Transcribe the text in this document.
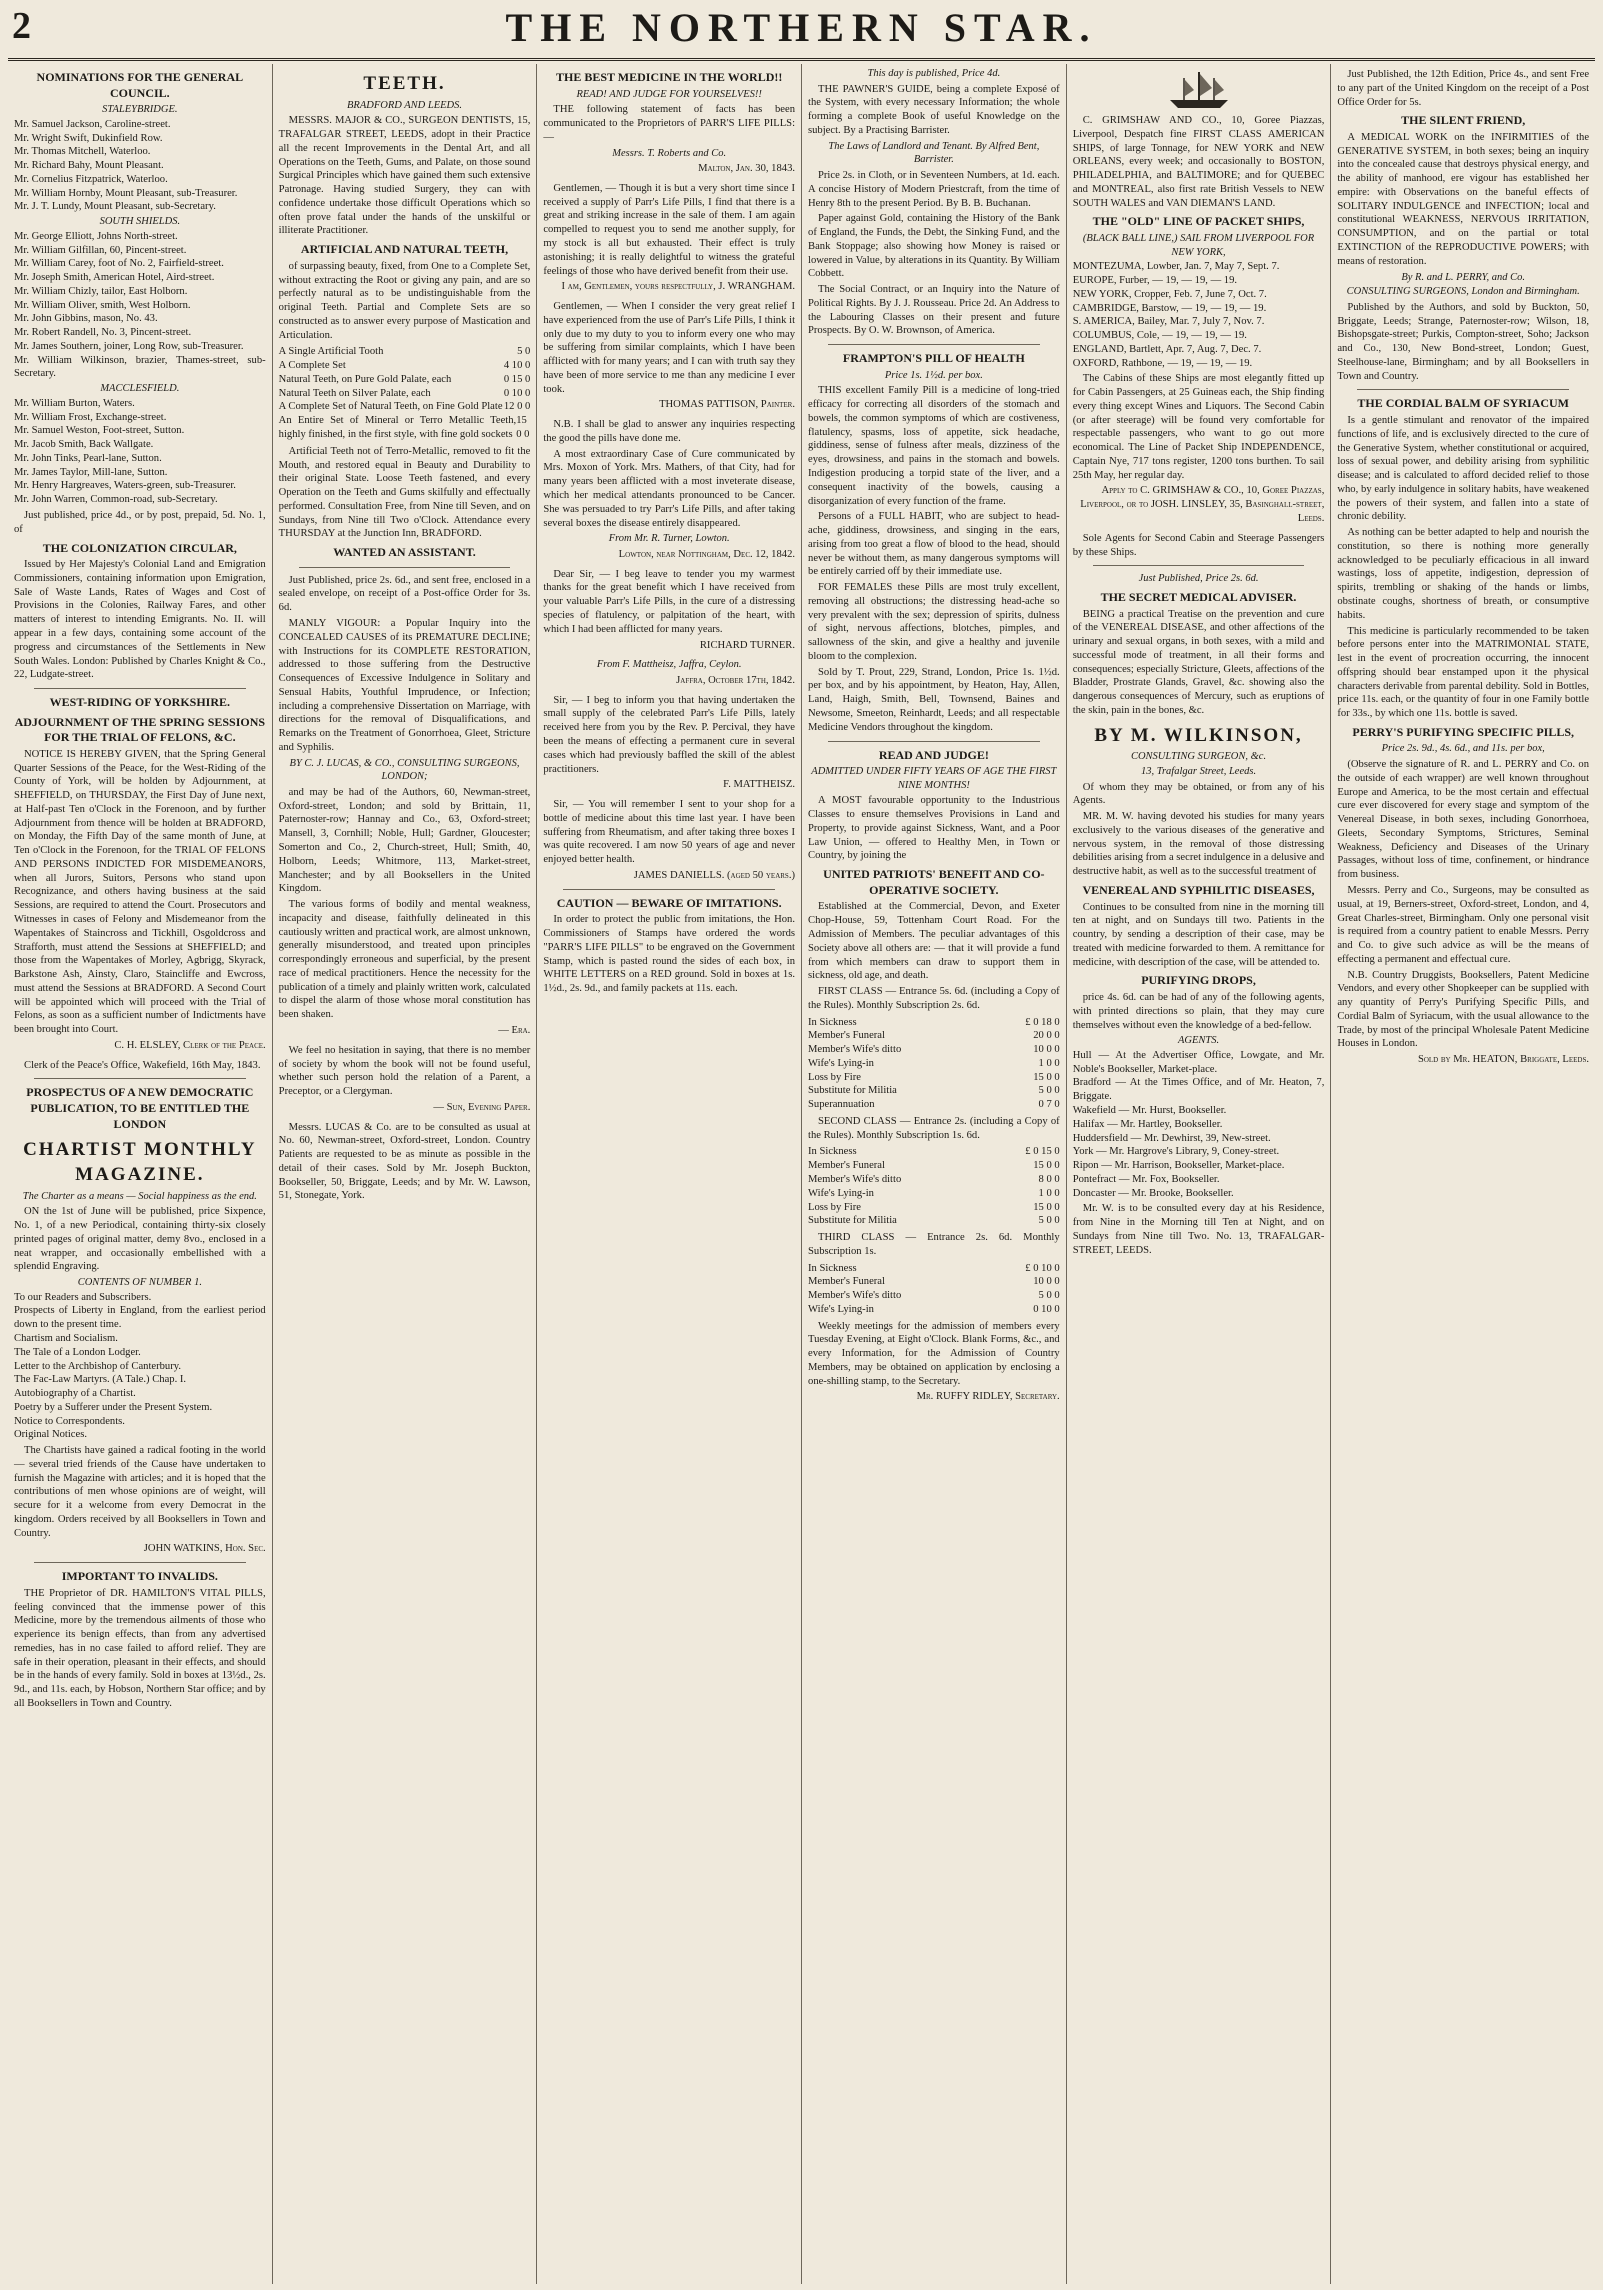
2	THE NORTHERN STAR.
NOMINATIONS FOR THE GENERAL COUNCIL.
STALEYBRIDGE.
Mr. Samuel Jackson, Caroline-street.
Mr. Wright Swift, Dukinfield Row.
Mr. Thomas Mitchell, Waterloo.
Mr. Richard Bahy, Mount Pleasant.
Mr. Cornelius Fitzpatrick, Waterloo.
Mr. William Hornby, Mount Pleasant, sub-Treasurer.
Mr. J. T. Lundy, Mount Pleasant, sub-Secretary.
SOUTH SHIELDS.
Mr. George Elliott, Johns North-street.
Mr. William Gilfillan, 60, Pincent-street.
Mr. William Carey, foot of No. 2, Fairfield-street.
Mr. Joseph Smith, American Hotel, Aird-street.
Mr. William Chizly, tailor, East Holborn.
Mr. William Oliver, smith, West Holborn.
Mr. John Gibbins, mason, No. 43.
Mr. Robert Randell, No. 3, Pincent-street.
Mr. James Southern, joiner, Long Row, sub-Treasurer.
Mr. William Wilkinson, brazier, Thames-street, sub-Secretary.
MACCLESFIELD.
Mr. William Burton, Waters.
Mr. William Frost, Exchange-street.
Mr. Samuel Weston, Foot-street, Sutton.
Mr. Jacob Smith, Back Wallgate.
Mr. John Tinks, Pearl-lane, Sutton.
Mr. James Taylor, Mill-lane, Sutton.
Mr. Henry Hargreaves, Waters-green, sub-Treasurer.
Mr. John Warren, Common-road, sub-Secretary.
Just published, price 4d., or by post, prepaid, 5d. No. 1, of
THE COLONIZATION CIRCULAR,
Issued by Her Majesty's Colonial Land and Emigration Commissioners, containing information upon Emigration, Sale of Waste Lands, Rates of Wages and Cost of Provisions in the Colonies, Railway Fares, and other matters of interest to intending Emigrants. No. II. will appear in a few days, containing some account of the progress and circumstances of the Settlements in New South Wales. London: Published by Charles Knight & Co., 22, Ludgate-street.
WEST-RIDING OF YORKSHIRE.
ADJOURNMENT OF THE SPRING SESSIONS FOR THE TRIAL OF FELONS, &C.
NOTICE IS HEREBY GIVEN, that the Spring General Quarter Sessions of the Peace, for the West-Riding of the County of York, will be holden by Adjournment, at SHEFFIELD, on THURSDAY, the First Day of June next, at Half-past Ten o'Clock in the Forenoon, and by further Adjournment from thence will be holden at BRADFORD, on Monday, the Fifth Day of the same month of June, at Ten o'Clock in the Forenoon, for the TRIAL OF FELONS AND PERSONS INDICTED FOR MISDEMEANORS, when all Jurors, Suitors, Persons who stand upon Recognizance, and others having business at the said Sessions, are required to attend the Court. Prosecutors and Witnesses in cases of Felony and Misdemeanor from the Wapentakes of Staincross and Tickhill, Osgoldcross and Strafforth, must attend the Sessions at SHEFFIELD; and those from the Wapentakes of Morley, Agbrigg, Skyrack, Barkstone Ash, Ainsty, Claro, Staincliffe and Ewcross, must attend the Sessions at BRADFORD. A Second Court will be appointed which will proceed with the Trial of Felons, as soon as a sufficient number of Indictments have been brought into Court.
C. H. ELSLEY, Clerk of the Peace.
Clerk of the Peace's Office, Wakefield, 16th May, 1843.
PROSPECTUS OF A NEW DEMOCRATIC PUBLICATION, TO BE ENTITLED THE LONDON
CHARTIST MONTHLY MAGAZINE.
The Charter as a means — Social happiness as the end.
ON the 1st of June will be published, price Sixpence, No. 1, of a new Periodical, containing thirty-six closely printed pages of original matter, demy 8vo., enclosed in a neat wrapper, and occasionally embellished with a splendid Engraving.
CONTENTS OF NUMBER 1.
To our Readers and Subscribers.
Prospects of Liberty in England, from the earliest period down to the present time.
Chartism and Socialism.
The Tale of a London Lodger.
Letter to the Archbishop of Canterbury.
The Fac-Law Martyrs. (A Tale.) Chap. I.
Autobiography of a Chartist.
Poetry by a Sufferer under the Present System.
Notice to Correspondents.
Original Notices.
The Chartists have gained a radical footing in the world — several tried friends of the Cause have undertaken to furnish the Magazine with articles; and it is hoped that the contributions of men whose opinions are of weight, will secure for it a welcome from every Democrat in the kingdom. Orders received by all Booksellers in Town and Country.
JOHN WATKINS, Hon. Sec.
IMPORTANT TO INVALIDS.
THE Proprietor of DR. HAMILTON'S VITAL PILLS, feeling convinced that the immense power of this Medicine, more by the tremendous ailments of those who experience its benign effects, than from any advertised remedies, has in no case failed to afford relief. They are safe in their operation, pleasant in their effects, and should be in the hands of every family. Sold in boxes at 13½d., 2s. 9d., and 11s. each, by Hobson, Northern Star office; and by all Booksellers in Town and Country.
TEETH.
BRADFORD AND LEEDS.
MESSRS. MAJOR & CO., SURGEON DENTISTS, 15, TRAFALGAR STREET, LEEDS, adopt in their Practice all the recent Improvements in the Dental Art, and all Operations on the Teeth, Gums, and Palate, on those sound Surgical Principles which have gained them such extensive Patronage. Having studied Surgery, they can with confidence undertake those difficult Operations which so often prove fatal under the hands of the unskilful or illiterate Practitioner.
ARTIFICIAL AND NATURAL TEETH,
of surpassing beauty, fixed, from One to a Complete Set, without extracting the Root or giving any pain, and are so perfectly natural as to be undistinguishable from the original Teeth. Partial and Complete Sets are so constructed as to answer every purpose of Mastication and Articulation.
A Single Artificial Tooth	5 0
A Complete Set	4 10 0
Natural Teeth, on Pure Gold Palate, each	0 15 0
Natural Teeth on Silver Palate, each	0 10 0
A Complete Set of Natural Teeth, on Fine Gold Plate 12 0 0
An Entire Set of Mineral or Terro Metallic Teeth, highly finished, in the first style, with fine gold sockets
15 0 0
Artificial Teeth not of Terro-Metallic, removed to fit the Mouth, and restored equal in Beauty and Durability to their original State. Loose Teeth fastened, and every Operation on the Teeth and Gums skilfully and effectually performed. Consultation Free, from Nine till Seven, and on Sundays, from Nine till Two o'Clock. Attendance every THURSDAY at the Junction Inn, BRADFORD.
WANTED AN ASSISTANT.
Just Published, price 2s. 6d., and sent free, enclosed in a sealed envelope, on receipt of a Post-office Order for 3s. 6d.
MANLY VIGOUR: a Popular Inquiry into the CONCEALED CAUSES of its PREMATURE DECLINE; with Instructions for its COMPLETE RESTORATION, addressed to those suffering from the Destructive Consequences of Excessive Indulgence in Solitary and Sensual Habits, Youthful Imprudence, or Infection; including a comprehensive Dissertation on Marriage, with directions for the removal of Disqualifications, and Remarks on the Treatment of Gonorrhoea, Gleet, Stricture and Syphilis.
BY C. J. LUCAS, & CO., CONSULTING SURGEONS, LONDON;
and may be had of the Authors, 60, Newman-street, Oxford-street, London; and sold by Brittain, 11, Paternoster-row; Hannay and Co., 63, Oxford-street; Mansell, 3, Cornhill; Noble, Hull; Gardner, Gloucester; Somerton and Co., 2, Church-street, Hull; Smith, 40, Holborn, Leeds; Whitmore, 113, Market-street, Manchester; and by all Booksellers in the United Kingdom.
The various forms of bodily and mental weakness, incapacity and disease, faithfully delineated in this cautiously written and practical work, are almost unknown, generally misunderstood, and treated upon principles correspondingly erroneous and superficial, by the present race of medical practitioners. Hence the necessity for the publication of a timely and plainly written work, calculated to dispel the alarm of those whose moral constitution has been shaken.
— Era.
We feel no hesitation in saying, that there is no member of society by whom the book will not be found useful, whether such person hold the relation of a Parent, a Preceptor, or a Clergyman.
— Sun, Evening Paper.
Messrs. LUCAS & Co. are to be consulted as usual at No. 60, Newman-street, Oxford-street, London. Country Patients are requested to be as minute as possible in the detail of their cases. Sold by Mr. Joseph Buckton, Bookseller, 50, Briggate, Leeds; and by Mr. W. Lawson, 51, Stonegate, York.
THE BEST MEDICINE IN THE WORLD!!
READ! AND JUDGE FOR YOURSELVES!!
THE following statement of facts has been communicated to the Proprietors of PARR'S LIFE PILLS: —
Messrs. T. Roberts and Co.
Malton, Jan. 30, 1843.
Gentlemen, — Though it is but a very short time since I received a supply of Parr's Life Pills, I find that there is a great and striking increase in the sale of them. I am again compelled to request you to send me another supply, for my stock is all but exhausted. Their effect is truly astonishing; it is really delightful to witness the grateful feelings of those who have derived benefit from their use.
I am, Gentlemen, yours respectfully, J. WRANGHAM.
Gentlemen, — When I consider the very great relief I have experienced from the use of Parr's Life Pills, I think it only due to my duty to you to inform every one who may be suffering from similar complaints, which I have been afflicted with for many years; and I can with truth say they have been of more service to me than any medicine I ever took.
THOMAS PATTISON, Painter.
N.B. I shall be glad to answer any inquiries respecting the good the pills have done me.
A most extraordinary Case of Cure communicated by Mrs. Moxon of York. Mrs. Mathers, of that City, had for many years been afflicted with a most inveterate disease, which her medical attendants pronounced to be Cancer. She was persuaded to try Parr's Life Pills, and after taking several boxes the disease entirely disappeared.
From Mr. R. Turner, Lowton.
Lowton, near Nottingham, Dec. 12, 1842.
Dear Sir, — I beg leave to tender you my warmest thanks for the great benefit which I have received from your valuable Parr's Life Pills, in the cure of a distressing species of flatulency, or palpitation of the heart, with which I had been afflicted for many years.
RICHARD TURNER.
From F. Mattheisz, Jaffra, Ceylon.
Jaffra, October 17th, 1842.
Sir, — I beg to inform you that having undertaken the small supply of the celebrated Parr's Life Pills, lately received here from you by the Rev. P. Percival, they have been the means of effecting a permanent cure in several cases which had previously baffled the skill of the ablest practitioners.
F. MATTHEISZ.
Sir, — You will remember I sent to your shop for a bottle of medicine about this time last year. I have been suffering from Rheumatism, and after taking three boxes I was quite recovered. I am now 50 years of age and never enjoyed better health.
JAMES DANIELLS. (aged 50 years.)
CAUTION — BEWARE OF IMITATIONS.
In order to protect the public from imitations, the Hon. Commissioners of Stamps have ordered the words "PARR'S LIFE PILLS" to be engraved on the Government Stamp, which is pasted round the sides of each box, in WHITE LETTERS on a RED ground. Sold in boxes at 1s. 1½d., 2s. 9d., and family packets at 11s. each.
This day is published, Price 4d.
THE PAWNER'S GUIDE, being a complete Exposé of the System, with every necessary Information; the whole forming a complete Book of useful Knowledge on the subject. By a Practising Barrister.
The Laws of Landlord and Tenant. By Alfred Bent, Barrister.
Price 2s. in Cloth, or in Seventeen Numbers, at 1d. each. A concise History of Modern Priestcraft, from the time of Henry 8th to the present Period. By B. B. Buchanan.
Paper against Gold, containing the History of the Bank of England, the Funds, the Debt, the Sinking Fund, and the Bank Stoppage; also showing how Money is raised or lowered in Value, by alterations in its Quantity. By William Cobbett.
The Social Contract, or an Inquiry into the Nature of Political Rights. By J. J. Rousseau. Price 2d. An Address to the Labouring Classes on their present and future Prospects. By O. W. Brownson, of America.
FRAMPTON'S PILL OF HEALTH
Price 1s. 1½d. per box.
THIS excellent Family Pill is a medicine of long-tried efficacy for correcting all disorders of the stomach and bowels, the common symptoms of which are costiveness, flatulency, spasms, loss of appetite, sick headache, giddiness, sense of fulness after meals, dizziness of the eyes, drowsiness, and pains in the stomach and bowels. Indigestion producing a torpid state of the liver, and a consequent inactivity of the bowels, causing a disorganization of every function of the frame.
Persons of a FULL HABIT, who are subject to head-ache, giddiness, drowsiness, and singing in the ears, arising from too great a flow of blood to the head, should never be without them, as many dangerous symptoms will be entirely carried off by their immediate use.
FOR FEMALES these Pills are most truly excellent, removing all obstructions; the distressing head-ache so very prevalent with the sex; depression of spirits, dulness of sight, nervous affections, blotches, pimples, and sallowness of the skin, and give a healthy and juvenile bloom to the complexion.
Sold by T. Prout, 229, Strand, London, Price 1s. 1½d. per box, and by his appointment, by Heaton, Hay, Allen, Land, Haigh, Smith, Bell, Townsend, Baines and Newsome, Smeeton, Reinhardt, Leeds; and all respectable Medicine Vendors throughout the kingdom.
READ AND JUDGE!
ADMITTED UNDER FIFTY YEARS OF AGE THE FIRST NINE MONTHS!
A MOST favourable opportunity to the Industrious Classes to ensure themselves Provisions in Land and Property, to provide against Sickness, Want, and a Poor Law Union, — offered to Healthy Men, in Town or Country, by joining the
UNITED PATRIOTS' BENEFIT AND CO-OPERATIVE SOCIETY.
Established at the Commercial, Devon, and Exeter Chop-House, 59, Tottenham Court Road. For the Admission of Members. The peculiar advantages of this Society above all others are: — that it will provide a fund from which members can draw to support them in sickness, old age, and death.
FIRST CLASS — Entrance 5s. 6d. (including a Copy of the Rules). Monthly Subscription 2s. 6d.
In Sickness	£ 0 18 0
Member's Funeral	20 0 0
Member's Wife's ditto	10 0 0
Wife's Lying-in	1 0 0
Loss by Fire	15 0 0
Substitute for Militia	5 0 0
Superannuation	0 7 0
SECOND CLASS — Entrance 2s. (including a Copy of the Rules). Monthly Subscription 1s. 6d.
In Sickness	£ 0 15 0
Member's Funeral	15 0 0
Member's Wife's ditto	8 0 0
Wife's Lying-in	1 0 0
Loss by Fire	15 0 0
Substitute for Militia	5 0 0
THIRD CLASS — Entrance 2s. 6d. Monthly Subscription 1s.
In Sickness	£ 0 10 0
Member's Funeral	10 0 0
Member's Wife's ditto	5 0 0
Wife's Lying-in	0 10 0
Weekly meetings for the admission of members every Tuesday Evening, at Eight o'Clock. Blank Forms, &c., and every Information, for the Admission of Country Members, may be obtained on application by enclosing a one-shilling stamp, to the Secretary.
Mr. RUFFY RIDLEY, Secretary.
C. GRIMSHAW AND CO., 10, Goree Piazzas, Liverpool, Despatch fine FIRST CLASS AMERICAN SHIPS, of large Tonnage, for NEW YORK and NEW ORLEANS, every week; and occasionally to BOSTON, PHILADELPHIA, and BALTIMORE; and for QUEBEC and MONTREAL, also first rate British Vessels to NEW SOUTH WALES and VAN DIEMAN'S LAND.
THE "OLD" LINE OF PACKET SHIPS,
(BLACK BALL LINE,) SAIL FROM LIVERPOOL FOR NEW YORK,
MONTEZUMA, Lowber, Jan. 7, May 7, Sept. 7.
EUROPE, Furber, — 19, — 19, — 19.
NEW YORK, Cropper, Feb. 7, June 7, Oct. 7.
CAMBRIDGE, Barstow, — 19, — 19, — 19.
S. AMERICA, Bailey, Mar. 7, July 7, Nov. 7.
COLUMBUS, Cole, — 19, — 19, — 19.
ENGLAND, Bartlett, Apr. 7, Aug. 7, Dec. 7.
OXFORD, Rathbone, — 19, — 19, — 19.
The Cabins of these Ships are most elegantly fitted up for Cabin Passengers, at 25 Guineas each, the Ship finding every thing except Wines and Liquors. The Second Cabin (or after steerage) will be found very comfortable for respectable passengers, who want to go out more economical. The Line of Packet Ship INDEPENDENCE, Captain Nye, 717 tons register, 1200 tons burthen. To sail 25th May, her regular day.
Apply to C. GRIMSHAW & CO., 10, Goree Piazzas, Liverpool, or to JOSH. LINSLEY, 35, Basinghall-street, Leeds.
Sole Agents for Second Cabin and Steerage Passengers by these Ships.
Just Published, Price 2s. 6d.
THE SECRET MEDICAL ADVISER.
BEING a practical Treatise on the prevention and cure of the VENEREAL DISEASE, and other affections of the urinary and sexual organs, in both sexes, with a mild and successful mode of treatment, in all their forms and consequences; especially Stricture, Gleets, affections of the Bladder, Prostrate Glands, Gravel, &c. showing also the dangerous consequences of Mercury, such as eruptions of the skin, pain in the bones, &c.
BY M. WILKINSON,
CONSULTING SURGEON, &c.
13, Trafalgar Street, Leeds.
Of whom they may be obtained, or from any of his Agents.
MR. M. W. having devoted his studies for many years exclusively to the various diseases of the generative and nervous system, in the removal of those distressing debilities arising from a secret indulgence in a delusive and destructive habit, as well as to the successful treatment of
VENEREAL AND SYPHILITIC DISEASES,
Continues to be consulted from nine in the morning till ten at night, and on Sundays till two. Patients in the country, by sending a description of their case, may be treated with medicine forwarded to them. A remittance for medicine, with description of the case, will be attended to.
PURIFYING DROPS,
price 4s. 6d. can be had of any of the following agents, with printed directions so plain, that they may cure themselves without even the knowledge of a bed-fellow.
AGENTS.
Hull — At the Advertiser Office, Lowgate, and Mr. Noble's Bookseller, Market-place.
Bradford — At the Times Office, and of Mr. Heaton, 7, Briggate.
Wakefield — Mr. Hurst, Bookseller.
Halifax — Mr. Hartley, Bookseller.
Huddersfield — Mr. Dewhirst, 39, New-street.
York — Mr. Hargrove's Library, 9, Coney-street.
Ripon — Mr. Harrison, Bookseller, Market-place.
Pontefract — Mr. Fox, Bookseller.
Doncaster — Mr. Brooke, Bookseller.
Mr. W. is to be consulted every day at his Residence, from Nine in the Morning till Ten at Night, and on Sundays from Nine till Two. No. 13, TRAFALGAR-STREET, LEEDS.
Just Published, the 12th Edition, Price 4s., and sent Free to any part of the United Kingdom on the receipt of a Post Office Order for 5s.
THE SILENT FRIEND,
A MEDICAL WORK on the INFIRMITIES of the GENERATIVE SYSTEM, in both sexes; being an inquiry into the concealed cause that destroys physical energy, and the ability of manhood, ere vigour has established her empire: with Observations on the baneful effects of SOLITARY INDULGENCE and INFECTION; local and constitutional WEAKNESS, NERVOUS IRRITATION, CONSUMPTION, and on the partial or total EXTINCTION of the REPRODUCTIVE POWERS; with means of restoration.
By R. and L. PERRY, and Co.
CONSULTING SURGEONS, London and Birmingham.
Published by the Authors, and sold by Buckton, 50, Briggate, Leeds; Strange, Paternoster-row; Wilson, 18, Bishopsgate-street; Purkis, Compton-street, Soho; Jackson and Co., 130, New Bond-street, London; Guest, Steelhouse-lane, Birmingham; and by all Booksellers in Town and Country.
THE CORDIAL BALM OF SYRIACUM
Is a gentle stimulant and renovator of the impaired functions of life, and is exclusively directed to the cure of the Generative System, whether constitutional or acquired, loss of sexual power, and debility arising from syphilitic disease; and is calculated to afford decided relief to those who, by early indulgence in solitary habits, have weakened the powers of their system, and fallen into a state of chronic debility.
As nothing can be better adapted to help and nourish the constitution, so there is nothing more generally acknowledged to be peculiarly efficacious in all inward wastings, loss of appetite, indigestion, depression of spirits, trembling or shaking of the hands or limbs, obstinate coughs, shortness of breath, or consumptive habits.
This medicine is particularly recommended to be taken before persons enter into the MATRIMONIAL STATE, lest in the event of procreation occurring, the innocent offspring should bear enstamped upon it the physical characters derivable from parental debility. Sold in Bottles, price 11s. each, or the quantity of four in one Family bottle for 33s., by which one 11s. bottle is saved.
PERRY'S PURIFYING SPECIFIC PILLS,
Price 2s. 9d., 4s. 6d., and 11s. per box,
(Observe the signature of R. and L. PERRY and Co. on the outside of each wrapper) are well known throughout Europe and America, to be the most certain and effectual cure ever discovered for every stage and symptom of the Venereal Disease, in both sexes, including Gonorrhoea, Gleets, Secondary Symptoms, Strictures, Seminal Weakness, Deficiency and Diseases of the Urinary Passages, without loss of time, confinement, or hindrance from business.
Messrs. Perry and Co., Surgeons, may be consulted as usual, at 19, Berners-street, Oxford-street, London, and 4, Great Charles-street, Birmingham. Only one personal visit is required from a country patient to enable Messrs. Perry and Co. to give such advice as will be the means of effecting a permanent and effectual cure.
N.B. Country Druggists, Booksellers, Patent Medicine Vendors, and every other Shopkeeper can be supplied with any quantity of Perry's Purifying Specific Pills, and Cordial Balm of Syriacum, with the usual allowance to the Trade, by most of the principal Wholesale Patent Medicine Houses in London.
Sold by Mr. HEATON, Briggate, Leeds.
